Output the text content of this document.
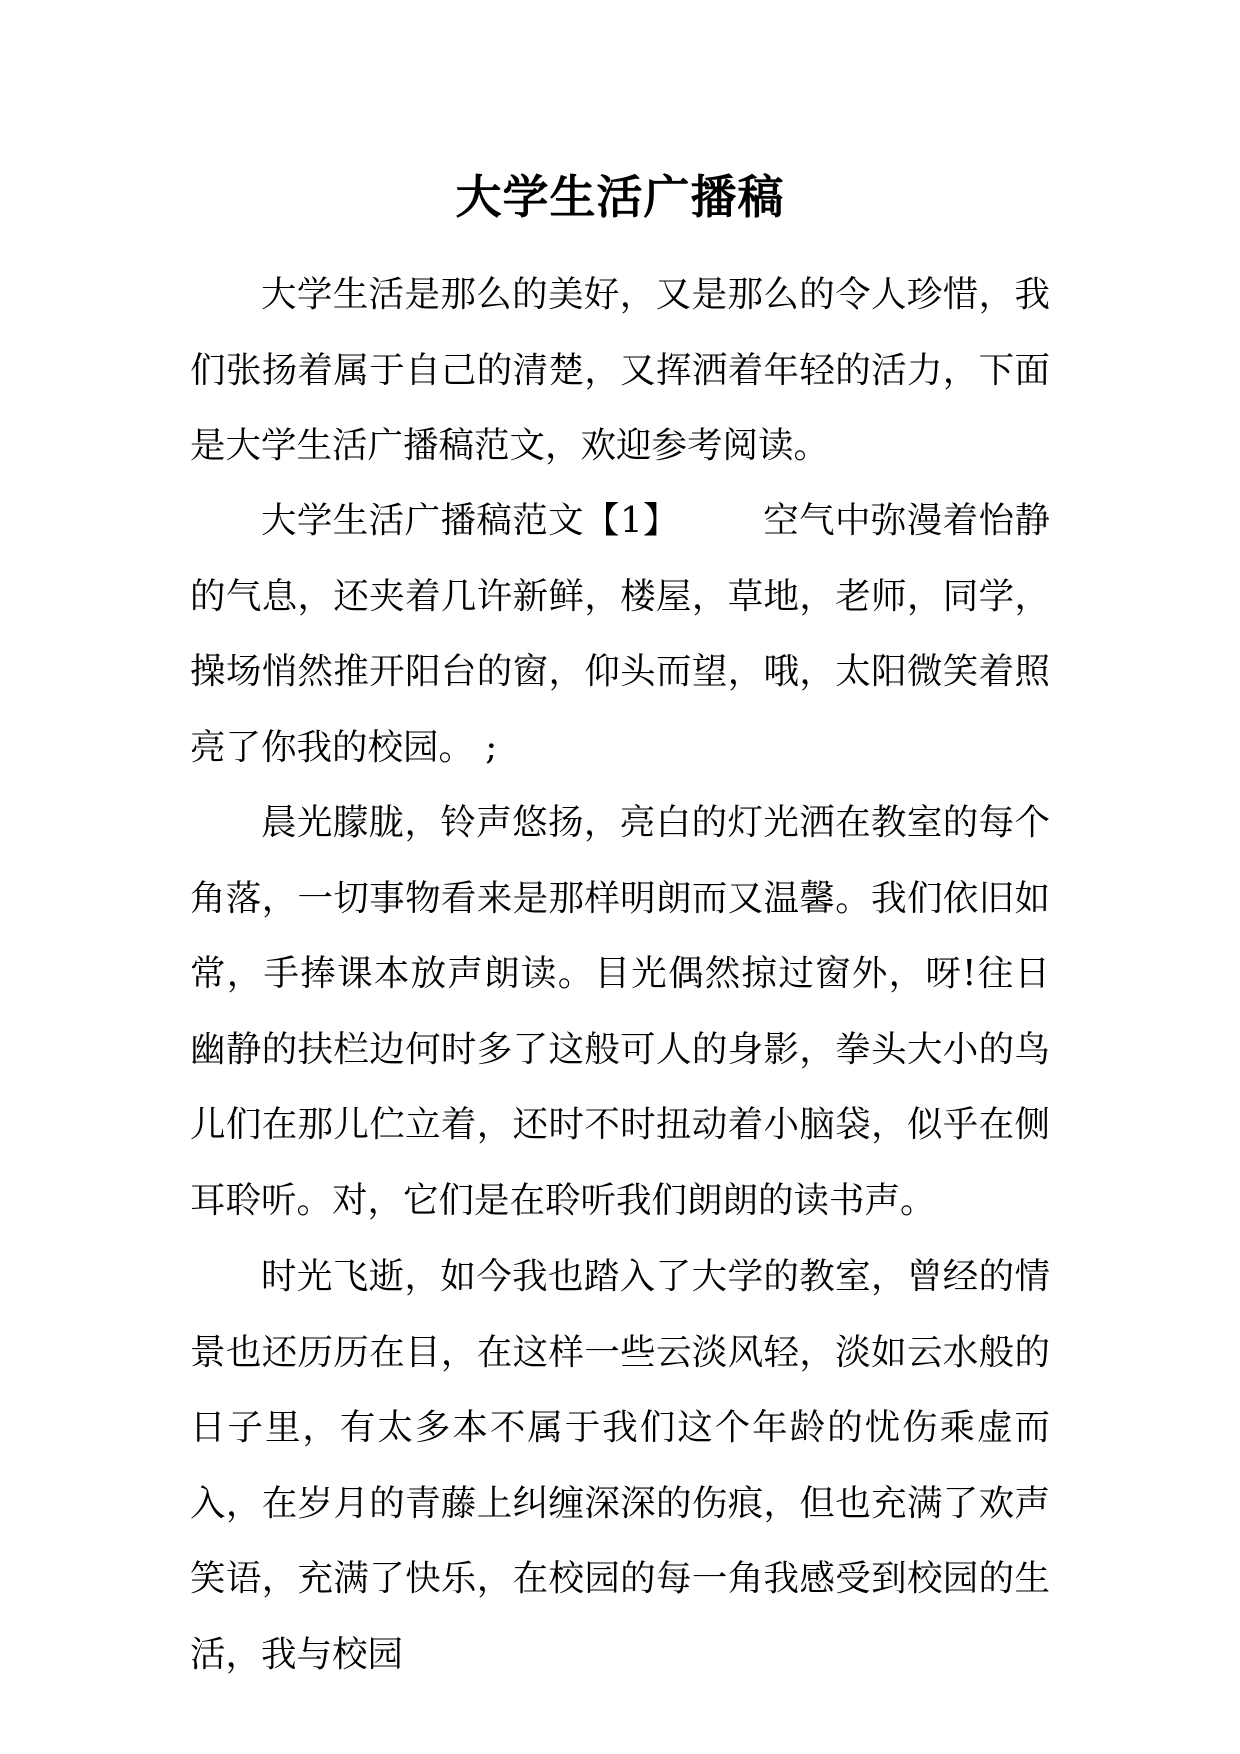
大学生活广播稿

大学生活是那么的美好，又是那么的令人珍惜，我们张扬着属于自己的清楚，又挥洒着年轻的活力，下面是大学生活广播稿范文，欢迎参考阅读。

大学生活广播稿范文【1】 空气中弥漫着怡静的气息，还夹着几许新鲜，楼屋，草地，老师，同学，操场悄然推开阳台的窗，仰头而望，哦，太阳微笑着照亮了你我的校园。 ;

晨光朦胧，铃声悠扬，亮白的灯光洒在教室的每个角落，一切事物看来是那样明朗而又温馨。我们依旧如常，手捧课本放声朗读。目光偶然掠过窗外，呀!往日幽静的扶栏边何时多了这般可人的身影，拳头大小的鸟儿们在那儿伫立着，还时不时扭动着小脑袋，似乎在侧耳聆听。对，它们是在聆听我们朗朗的读书声。

时光飞逝，如今我也踏入了大学的教室，曾经的情景也还历历在目，在这样一些云淡风轻，淡如云水般的日子里，有太多本不属于我们这个年龄的忧伤乘虚而入，在岁月的青藤上纠缠深深的伤痕，但也充满了欢声笑语，充满了快乐，在校园的每一角我感受到校园的生活，我与校园
